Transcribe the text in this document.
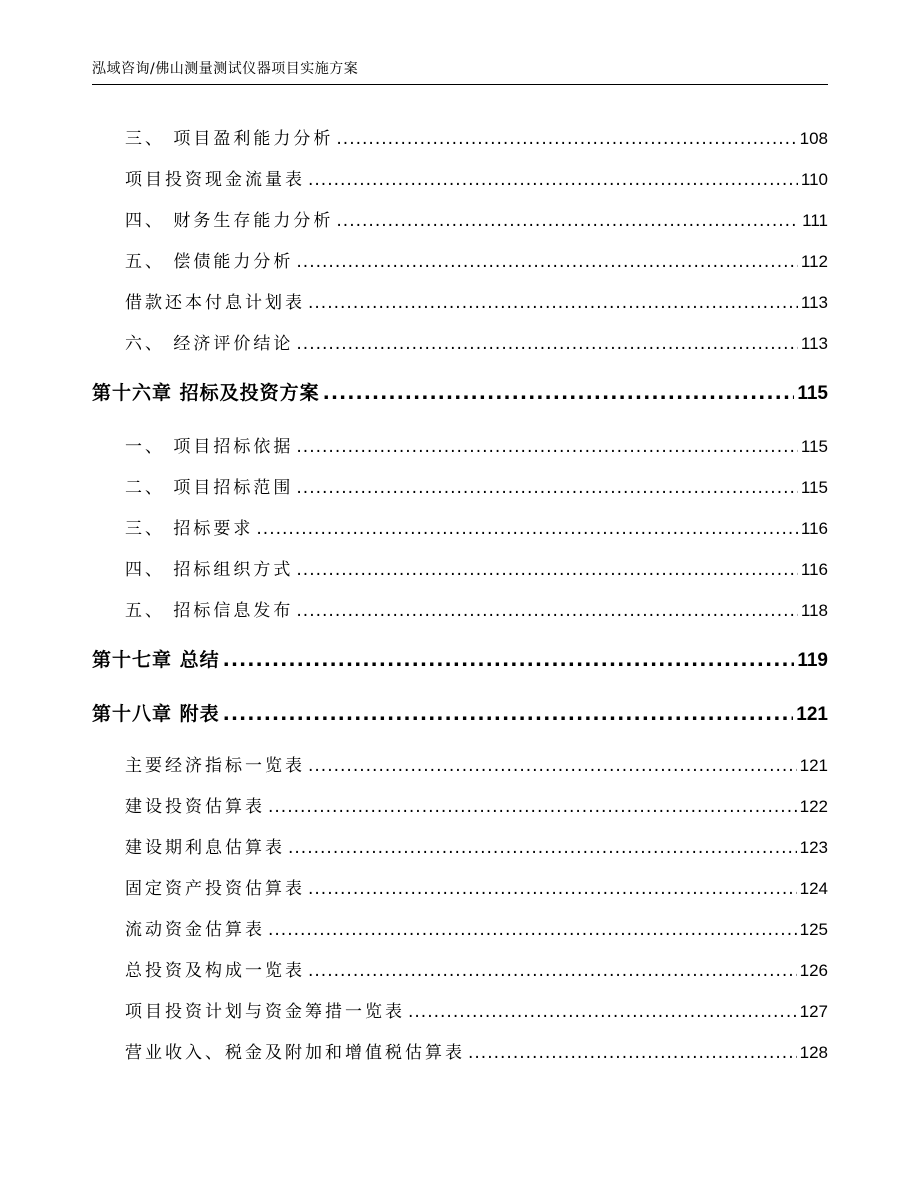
泓域咨询/佛山测量测试仪器项目实施方案
三、 项目盈利能力分析 .....	108
项目投资现金流量表 .....	110
四、 财务生存能力分析 .....	111
五、 偿债能力分析 .....	112
借款还本付息计划表 .....	113
六、 经济评价结论 .....	113
第十六章 招标及投资方案 .....	115
一、 项目招标依据 .....	115
二、 项目招标范围 .....	115
三、 招标要求 .....	116
四、 招标组织方式 .....	116
五、 招标信息发布 .....	118
第十七章 总结 .....	119
第十八章 附表 .....	121
主要经济指标一览表 .....	121
建设投资估算表 .....	122
建设期利息估算表 .....	123
固定资产投资估算表 .....	124
流动资金估算表 .....	125
总投资及构成一览表 .....	126
项目投资计划与资金筹措一览表 .....	127
营业收入、税金及附加和增值税估算表 .....	128
